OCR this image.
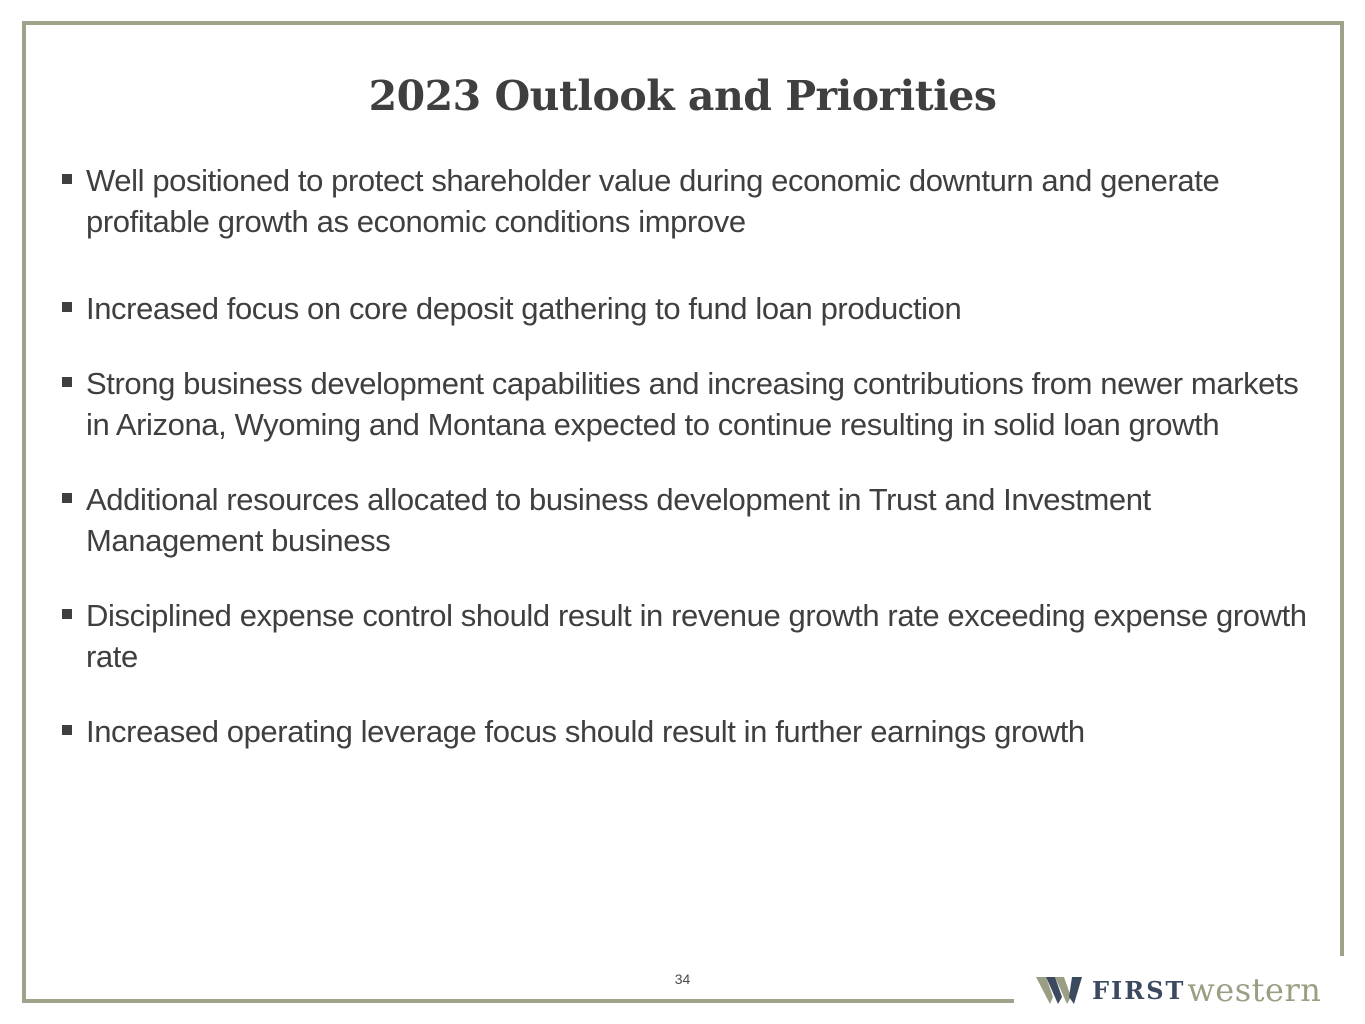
2023 Outlook and Priorities
Well positioned to protect shareholder value during economic downturn and generate profitable growth as economic conditions improve
Increased focus on core deposit gathering to fund loan production
Strong business development capabilities and increasing contributions from newer markets in Arizona, Wyoming and Montana expected to continue resulting in solid loan growth
Additional resources allocated to business development in Trust and Investment Management business
Disciplined expense control should result in revenue growth rate exceeding expense growth rate
Increased operating leverage focus should result in further earnings growth
34	FIRST western
